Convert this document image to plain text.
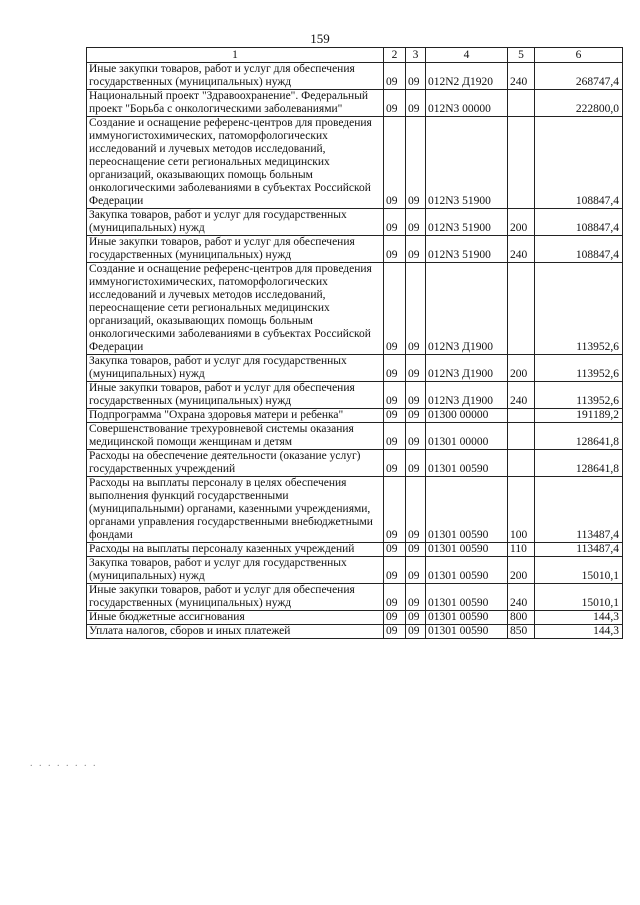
159
. . . . . . . .
1	2	3	4	5	6
Иные закупки товаров, работ и услуг для обеспечения государственных (муниципальных) нужд	09	09	012N2 Д1920	240	268747,4
Национальный проект "Здравоохранение". Федеральный проект "Борьба с онкологическими заболеваниями"	09	09	012N3 00000		222800,0
Создание и оснащение референс-центров для проведения иммуногистохимических, патоморфологических исследований и лучевых методов исследований, переоснащение сети региональных медицинских организаций, оказывающих помощь больным онкологическими заболеваниями в субъектах Российской Федерации	09	09	012N3 51900		108847,4
Закупка товаров, работ и услуг для государственных (муниципальных) нужд	09	09	012N3 51900	200	108847,4
Иные закупки товаров, работ и услуг для обеспечения государственных (муниципальных) нужд	09	09	012N3 51900	240	108847,4
Создание и оснащение референс-центров для проведения иммуногистохимических, патоморфологических исследований и лучевых методов исследований, переоснащение сети региональных медицинских организаций, оказывающих помощь больным онкологическими заболеваниями в субъектах Российской Федерации	09	09	012N3 Д1900		113952,6
Закупка товаров, работ и услуг для государственных (муниципальных) нужд	09	09	012N3 Д1900	200	113952,6
Иные закупки товаров, работ и услуг для обеспечения государственных (муниципальных) нужд	09	09	012N3 Д1900	240	113952,6
Подпрограмма "Охрана здоровья матери и ребенка"	09	09	01300 00000		191189,2
Совершенствование трехуровневой системы оказания медицинской помощи женщинам и детям	09	09	01301 00000		128641,8
Расходы на обеспечение деятельности (оказание услуг) государственных учреждений	09	09	01301 00590		128641,8
Расходы на выплаты персоналу в целях обеспечения выполнения функций государственными (муниципальными) органами, казенными учреждениями, органами управления государственными внебюджетными фондами	09	09	01301 00590	100	113487,4
Расходы на выплаты персоналу казенных учреждений	09	09	01301 00590	110	113487,4
Закупка товаров, работ и услуг для государственных (муниципальных) нужд	09	09	01301 00590	200	15010,1
Иные закупки товаров, работ и услуг для обеспечения государственных (муниципальных) нужд	09	09	01301 00590	240	15010,1
Иные бюджетные ассигнования	09	09	01301 00590	800	144,3
Уплата налогов, сборов и иных платежей	09	09	01301 00590	850	144,3
